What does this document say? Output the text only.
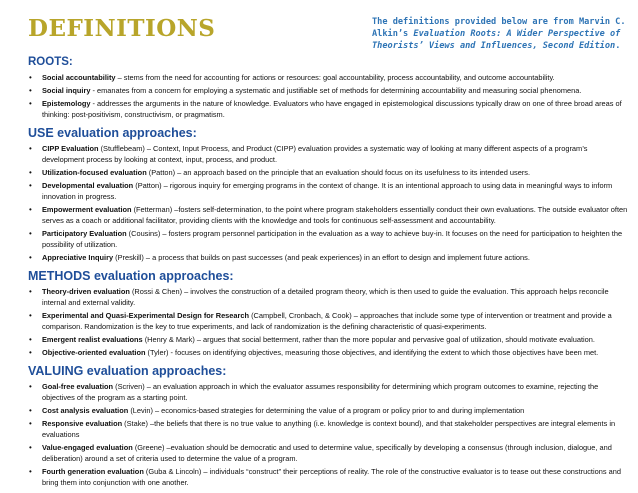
DEFINITIONS	The definitions provided below are from Marvin C.
Alkin’s Evaluation Roots: A Wider Perspective of
Theorists’ Views and Influences, Second Edition.
ROOTS:
• Social accountability – stems from the need for accounting for actions or resources: goal accountability, process accountability, and outcome accountability.
• Social inquiry - emanates from a concern for employing a systematic and justifiable set of methods for determining accountability and measuring social phenomena.
• Epistemology - addresses the arguments in the nature of knowledge. Evaluators who have engaged in epistemological discussions typically draw on one of three broad areas of thinking: post-positivism, constructivism, or pragmatism.
USE evaluation approaches:
• CIPP Evaluation (Stufflebeam) – Context, Input Process, and Product (CIPP) evaluation provides a systematic way of looking at many different aspects of a program’s development process by looking at context, input, process, and product.
• Utilization-focused evaluation (Patton) – an approach based on the principle that an evaluation should focus on its usefulness to its intended users.
• Developmental evaluation (Patton) – rigorous inquiry for emerging programs in the context of change. It is an intentional approach to using data in meaningful ways to inform innovation in progress.
• Empowerment evaluation (Fetterman) –fosters self-determination, to the point where program stakeholders essentially conduct their own evaluations. The outside evaluator often serves as a coach or additional facilitator, providing clients with the knowledge and tools for continuous self-assessment and accountability.
• Participatory Evaluation (Cousins) – fosters program personnel participation in the evaluation as a way to achieve buy-in. It focuses on the need for participation to heighten the possibility of utilization.
• Appreciative Inquiry (Preskill) – a process that builds on past successes (and peak experiences) in an effort to design and implement future actions.
METHODS evaluation approaches:
• Theory-driven evaluation (Rossi & Chen) – involves the construction of a detailed program theory, which is then used to guide the evaluation. This approach helps reconcile internal and external validity.
• Experimental and Quasi-Experimental Design for Research (Campbell, Cronbach, & Cook) – approaches that include some type of intervention or treatment and provide a comparison. Randomization is the key to true experiments, and lack of randomization is the defining characteristic of quasi-experiments.
• Emergent realist evaluations (Henry & Mark) – argues that social betterment, rather than the more popular and pervasive goal of utilization, should motivate evaluation.
• Objective-oriented evaluation (Tyler) - focuses on identifying objectives, measuring those objectives, and identifying the extent to which those objectives have been met.
VALUING evaluation approaches:
• Goal-free evaluation (Scriven) – an evaluation approach in which the evaluator assumes responsibility for determining which program outcomes to examine, rejecting the objectives of the program as a starting point.
• Cost analysis evaluation (Levin) – economics-based strategies for determining the value of a program or policy prior to and during implementation
• Responsive evaluation (Stake) –the beliefs that there is no true value to anything (i.e. knowledge is context bound), and that stakeholder perspectives are integral elements in evaluations
• Value-engaged evaluation (Greene) –evaluation should be democratic and used to determine value, specifically by developing a consensus (through inclusion, dialogue, and deliberation) around a set of criteria used to determine the value of a program.
• Fourth generation evaluation (Guba & Lincoln) – individuals “construct” their perceptions of reality. The role of the constructive evaluator is to tease out these constructions and bring them into conjunction with one another.
